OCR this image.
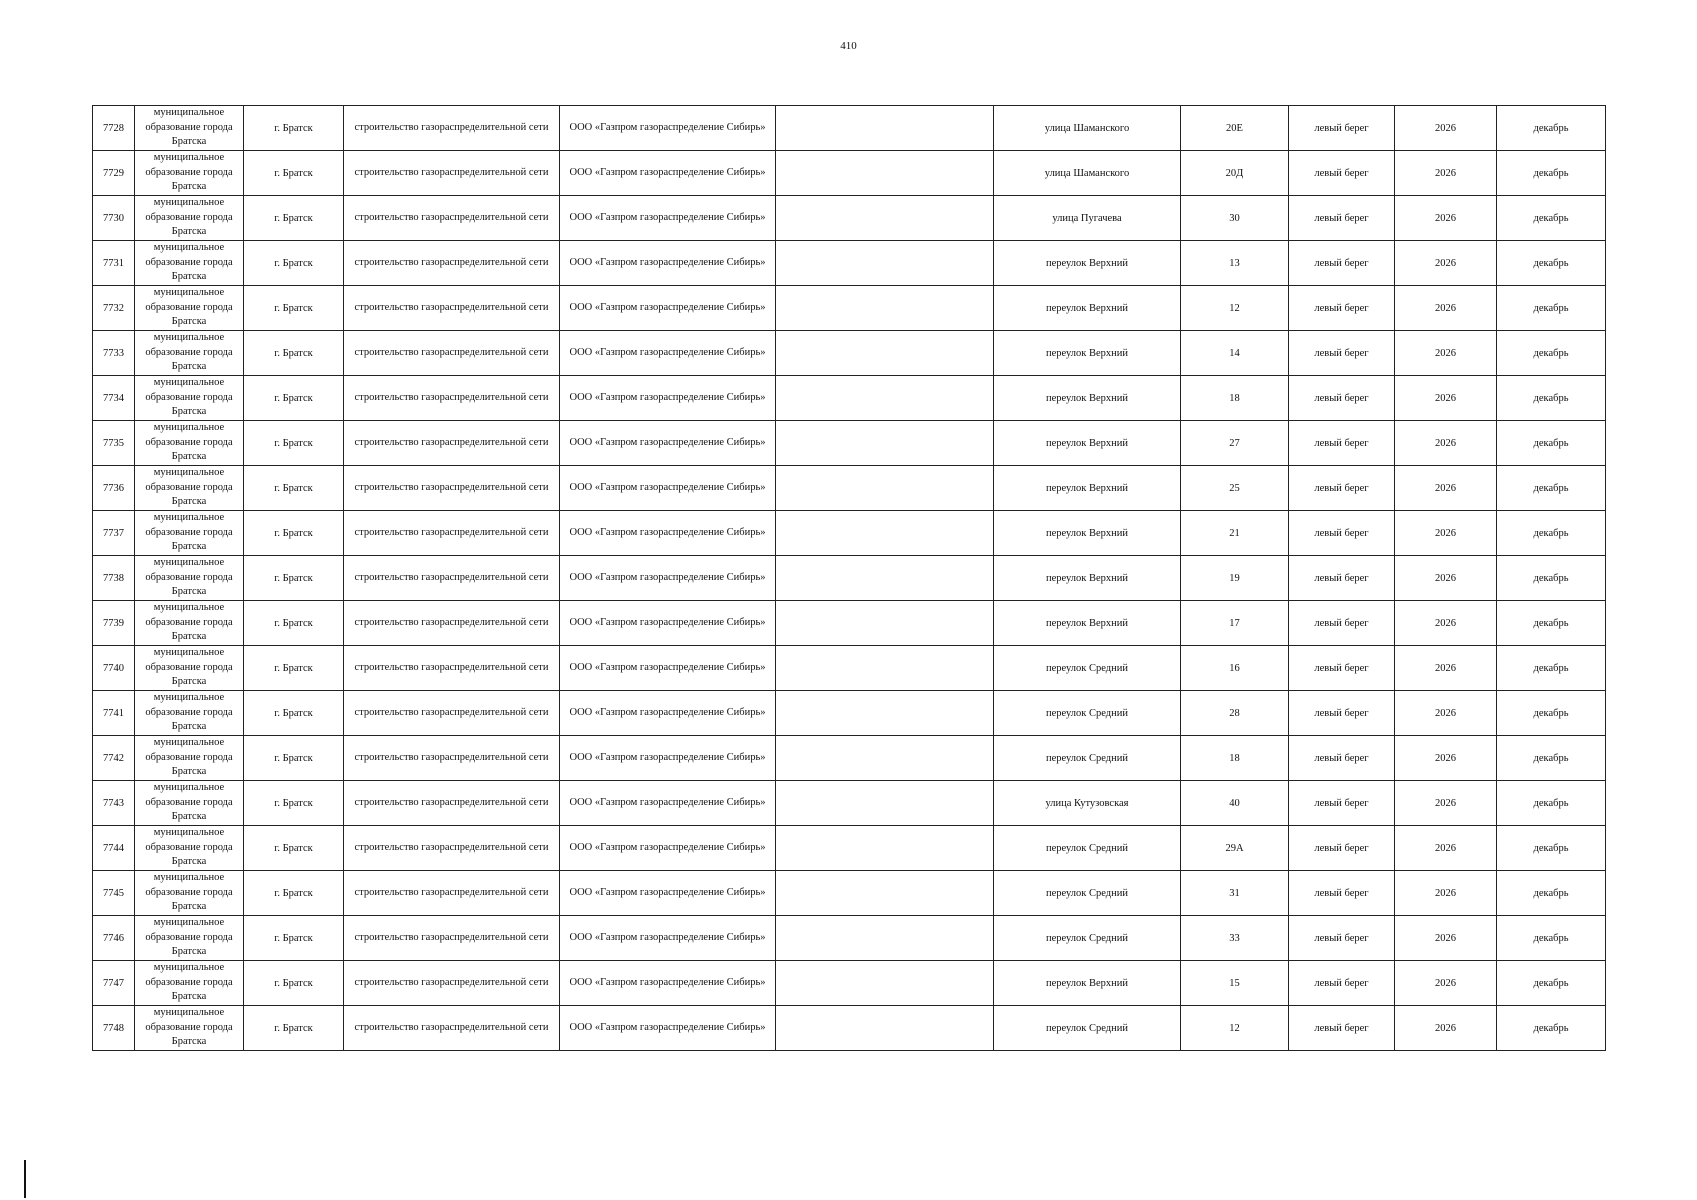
410
7728	муниципальное образование города Братска	г. Братск	строительство газораспределительной сети	ООО «Газпром газораспределение Сибирь»		улица Шаманского	20Е	левый берег	2026	декабрь
7729	муниципальное образование города Братска	г. Братск	строительство газораспределительной сети	ООО «Газпром газораспределение Сибирь»		улица Шаманского	20Д	левый берег	2026	декабрь
7730	муниципальное образование города Братска	г. Братск	строительство газораспределительной сети	ООО «Газпром газораспределение Сибирь»		улица Пугачева	30	левый берег	2026	декабрь
7731	муниципальное образование города Братска	г. Братск	строительство газораспределительной сети	ООО «Газпром газораспределение Сибирь»		переулок Верхний	13	левый берег	2026	декабрь
7732	муниципальное образование города Братска	г. Братск	строительство газораспределительной сети	ООО «Газпром газораспределение Сибирь»		переулок Верхний	12	левый берег	2026	декабрь
7733	муниципальное образование города Братска	г. Братск	строительство газораспределительной сети	ООО «Газпром газораспределение Сибирь»		переулок Верхний	14	левый берег	2026	декабрь
7734	муниципальное образование города Братска	г. Братск	строительство газораспределительной сети	ООО «Газпром газораспределение Сибирь»		переулок Верхний	18	левый берег	2026	декабрь
7735	муниципальное образование города Братска	г. Братск	строительство газораспределительной сети	ООО «Газпром газораспределение Сибирь»		переулок Верхний	27	левый берег	2026	декабрь
7736	муниципальное образование города Братска	г. Братск	строительство газораспределительной сети	ООО «Газпром газораспределение Сибирь»		переулок Верхний	25	левый берег	2026	декабрь
7737	муниципальное образование города Братска	г. Братск	строительство газораспределительной сети	ООО «Газпром газораспределение Сибирь»		переулок Верхний	21	левый берег	2026	декабрь
7738	муниципальное образование города Братска	г. Братск	строительство газораспределительной сети	ООО «Газпром газораспределение Сибирь»		переулок Верхний	19	левый берег	2026	декабрь
7739	муниципальное образование города Братска	г. Братск	строительство газораспределительной сети	ООО «Газпром газораспределение Сибирь»		переулок Верхний	17	левый берег	2026	декабрь
7740	муниципальное образование города Братска	г. Братск	строительство газораспределительной сети	ООО «Газпром газораспределение Сибирь»		переулок Средний	16	левый берег	2026	декабрь
7741	муниципальное образование города Братска	г. Братск	строительство газораспределительной сети	ООО «Газпром газораспределение Сибирь»		переулок Средний	28	левый берег	2026	декабрь
7742	муниципальное образование города Братска	г. Братск	строительство газораспределительной сети	ООО «Газпром газораспределение Сибирь»		переулок Средний	18	левый берег	2026	декабрь
7743	муниципальное образование города Братска	г. Братск	строительство газораспределительной сети	ООО «Газпром газораспределение Сибирь»		улица Кутузовская	40	левый берег	2026	декабрь
7744	муниципальное образование города Братска	г. Братск	строительство газораспределительной сети	ООО «Газпром газораспределение Сибирь»		переулок Средний	29А	левый берег	2026	декабрь
7745	муниципальное образование города Братска	г. Братск	строительство газораспределительной сети	ООО «Газпром газораспределение Сибирь»		переулок Средний	31	левый берег	2026	декабрь
7746	муниципальное образование города Братска	г. Братск	строительство газораспределительной сети	ООО «Газпром газораспределение Сибирь»		переулок Средний	33	левый берег	2026	декабрь
7747	муниципальное образование города Братска	г. Братск	строительство газораспределительной сети	ООО «Газпром газораспределение Сибирь»		переулок Верхний	15	левый берег	2026	декабрь
7748	муниципальное образование города Братска	г. Братск	строительство газораспределительной сети	ООО «Газпром газораспределение Сибирь»		переулок Средний	12	левый берег	2026	декабрь
